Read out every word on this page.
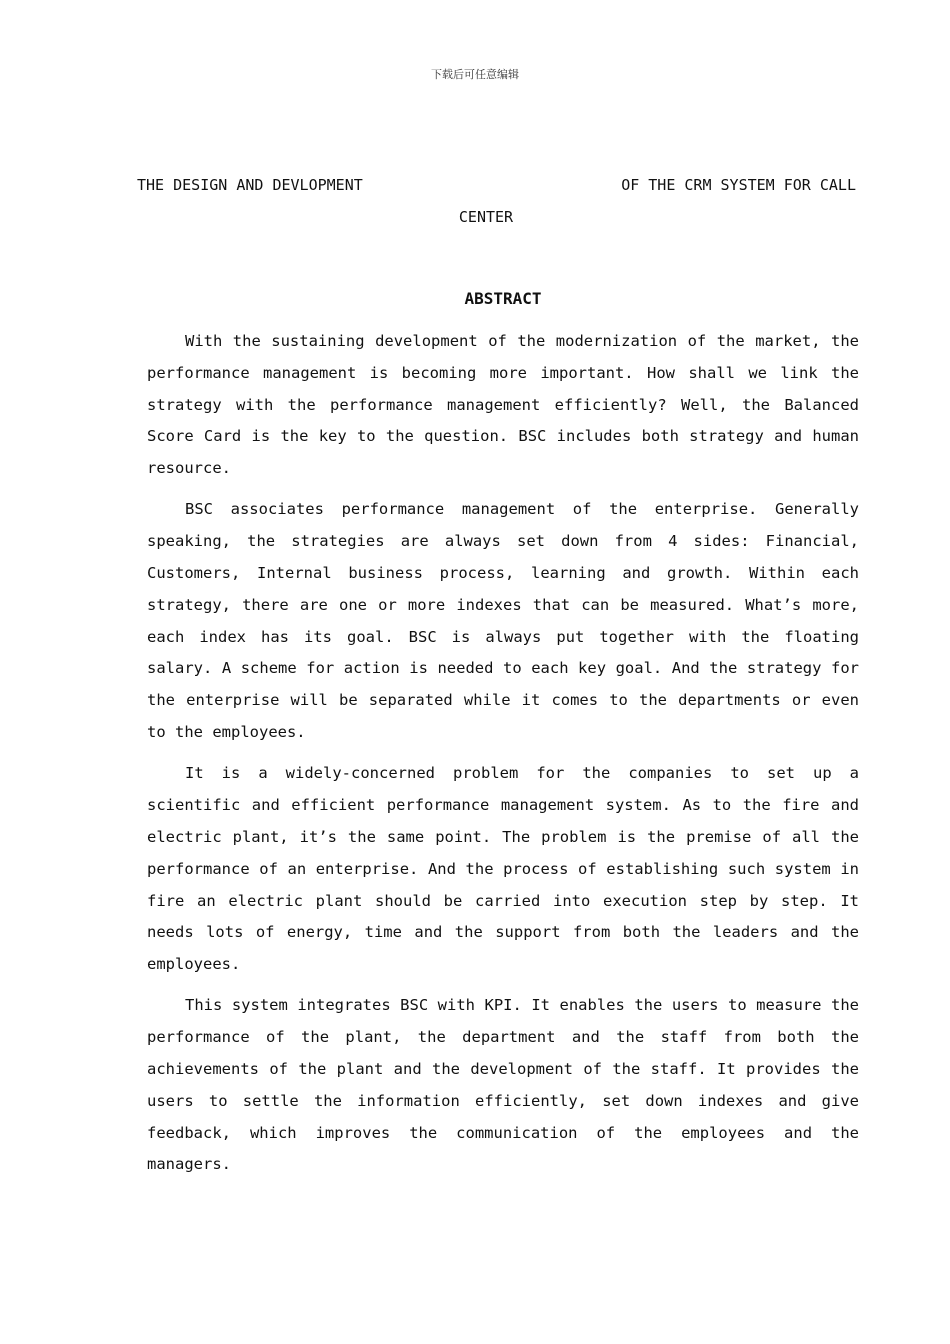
下载后可任意编辑
THE DESIGN AND DEVLOPMENT	OF THE CRM SYSTEM FOR CALL
CENTER
ABSTRACT

With the sustaining development of the modernization of the market, the performance management is becoming more important. How shall we link the strategy with the performance management efficiently? Well, the Balanced Score Card is the key to the question. BSC includes both strategy and human resource.

BSC associates performance management of the enterprise. Generally speaking, the strategies are always set down from 4 sides: Financial, Customers, Internal business process, learning and growth. Within each strategy, there are one or more indexes that can be measured. What’s more, each index has its goal. BSC is always put together with the floating salary. A scheme for action is needed to each key goal. And the strategy for the enterprise will be separated while it comes to the departments or even to the employees.

It is a widely-concerned problem for the companies to set up a scientific and efficient performance management system. As to the fire and electric plant, it’s the same point. The problem is the premise of all the performance of an enterprise. And the process of establishing such system in fire an electric plant should be carried into execution step by step. It needs lots of energy, time and the support from both the leaders and the employees.

This system integrates BSC with KPI. It enables the users to measure the performance of the plant, the department and the staff from both the achievements of the plant and the development of the staff. It provides the users to settle the information efficiently, set down indexes and give feedback, which improves the communication of the employees and the managers.
